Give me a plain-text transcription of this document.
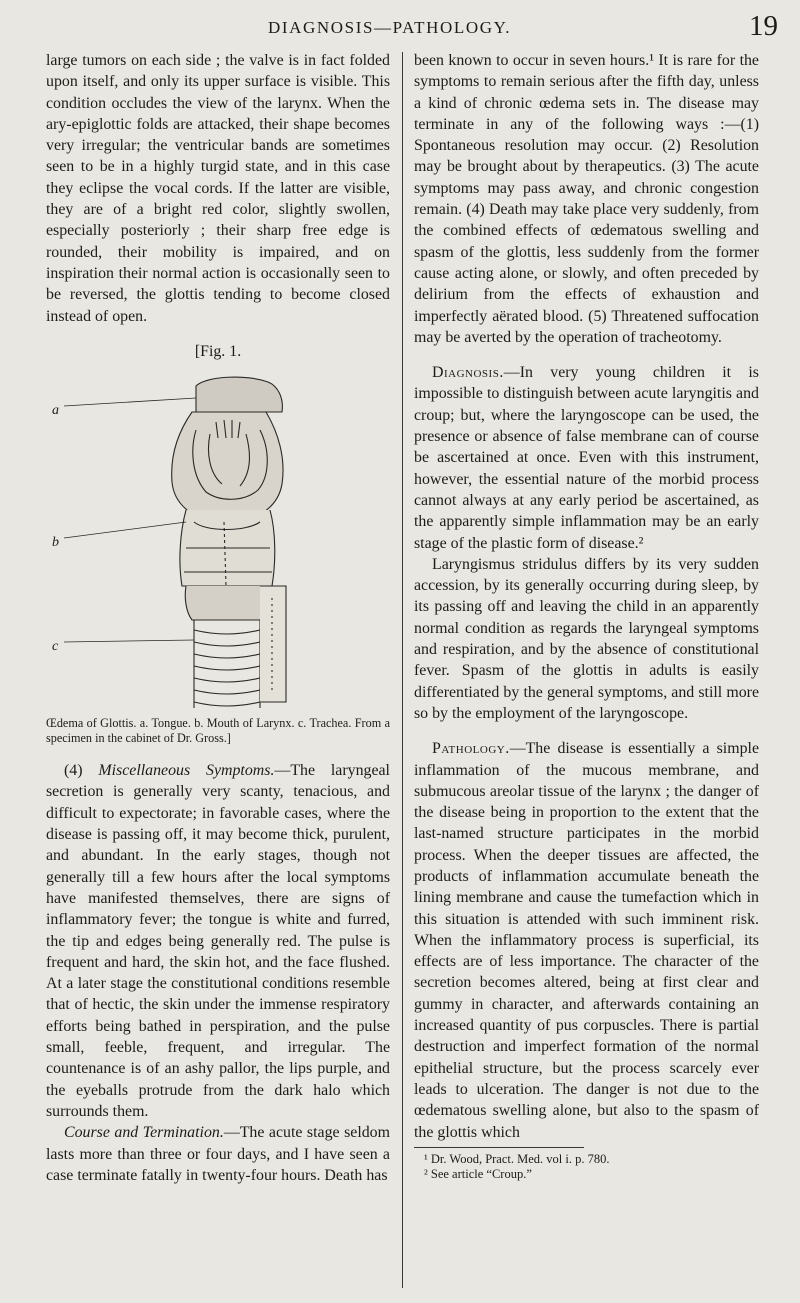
DIAGNOSIS—PATHOLOGY.	19

large tumors on each side ; the valve is in fact folded upon itself, and only its upper surface is visible. This condition occludes the view of the larynx. When the ary-epiglottic folds are attacked, their shape becomes very irregular; the ventricular bands are sometimes seen to be in a highly turgid state, and in this case they eclipse the vocal cords. If the latter are visible, they are of a bright red color, slightly swollen, especially posteriorly ; their sharp free edge is rounded, their mobility is impaired, and on inspiration their normal action is occasionally seen to be reversed, the glottis tending to become closed instead of open.

[Fig. 1.

a
b
c

Œdema of Glottis. a. Tongue. b. Mouth of Larynx. c. Trachea. From a specimen in the cabinet of Dr. Gross.]

(4) Miscellaneous Symptoms.—The laryngeal secretion is generally very scanty, tenacious, and difficult to expectorate; in favorable cases, where the disease is passing off, it may become thick, purulent, and abundant. In the early stages, though not generally till a few hours after the local symptoms have manifested themselves, there are signs of inflammatory fever; the tongue is white and furred, the tip and edges being generally red. The pulse is frequent and hard, the skin hot, and the face flushed. At a later stage the constitutional conditions resemble that of hectic, the skin under the immense respiratory efforts being bathed in perspiration, and the pulse small, feeble, frequent, and irregular. The countenance is of an ashy pallor, the lips purple, and the eyeballs protrude from the dark halo which surrounds them.

Course and Termination.—The acute stage seldom lasts more than three or four days, and I have seen a case terminate fatally in twenty-four hours. Death has

been known to occur in seven hours.¹ It is rare for the symptoms to remain serious after the fifth day, unless a kind of chronic œdema sets in. The disease may terminate in any of the following ways :—(1) Spontaneous resolution may occur. (2) Resolution may be brought about by therapeutics. (3) The acute symptoms may pass away, and chronic congestion remain. (4) Death may take place very suddenly, from the combined effects of œdematous swelling and spasm of the glottis, less suddenly from the former cause acting alone, or slowly, and often preceded by delirium from the effects of exhaustion and imperfectly aërated blood. (5) Threatened suffocation may be averted by the operation of tracheotomy.

Diagnosis.—In very young children it is impossible to distinguish between acute laryngitis and croup; but, where the laryngoscope can be used, the presence or absence of false membrane can of course be ascertained at once. Even with this instrument, however, the essential nature of the morbid process cannot always at any early period be ascertained, as the apparently simple inflammation may be an early stage of the plastic form of disease.²

Laryngismus stridulus differs by its very sudden accession, by its generally occurring during sleep, by its passing off and leaving the child in an apparently normal condition as regards the laryngeal symptoms and respiration, and by the absence of constitutional fever. Spasm of the glottis in adults is easily differentiated by the general symptoms, and still more so by the employment of the laryngoscope.

Pathology.—The disease is essentially a simple inflammation of the mucous membrane, and submucous areolar tissue of the larynx ; the danger of the disease being in proportion to the extent that the last-named structure participates in the morbid process. When the deeper tissues are affected, the products of inflammation accumulate beneath the lining membrane and cause the tumefaction which in this situation is attended with such imminent risk. When the inflammatory process is superficial, its effects are of less importance. The character of the secretion becomes altered, being at first clear and gummy in character, and afterwards containing an increased quantity of pus corpuscles. There is partial destruction and imperfect formation of the normal epithelial structure, but the process scarcely ever leads to ulceration. The danger is not due to the œdematous swelling alone, but also to the spasm of the glottis which

¹ Dr. Wood, Pract. Med. vol i. p. 780.
² See article “Croup.”
